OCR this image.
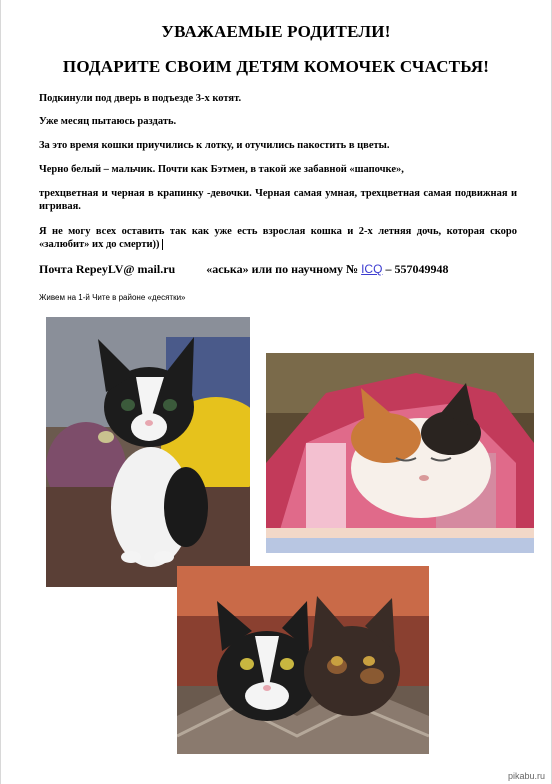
УВАЖАЕМЫЕ РОДИТЕЛИ!
ПОДАРИТЕ СВОИМ ДЕТЯМ КОМОЧЕК СЧАСТЬЯ!
Подкинули под дверь в подъезде 3-х котят.
Уже месяц пытаюсь раздать.
За это время кошки приучились к лотку, и отучились пакостить в цветы.
Черно белый – мальчик. Почти как Бэтмен, в такой же забавной «шапочке»,
трехцветная и черная в крапинку -девочки. Черная самая умная, трехцветная самая подвижная и игривая.
Я не могу всех оставить так как уже есть взрослая кошка и 2-х летняя дочь, которая скоро «залюбит» их до смерти))
Почта RepeyLV@ mail.ru	«аська» или по научному № ICQ – 557049948
Живем на 1-й Чите в районе «десятки»
pikabu.ru
